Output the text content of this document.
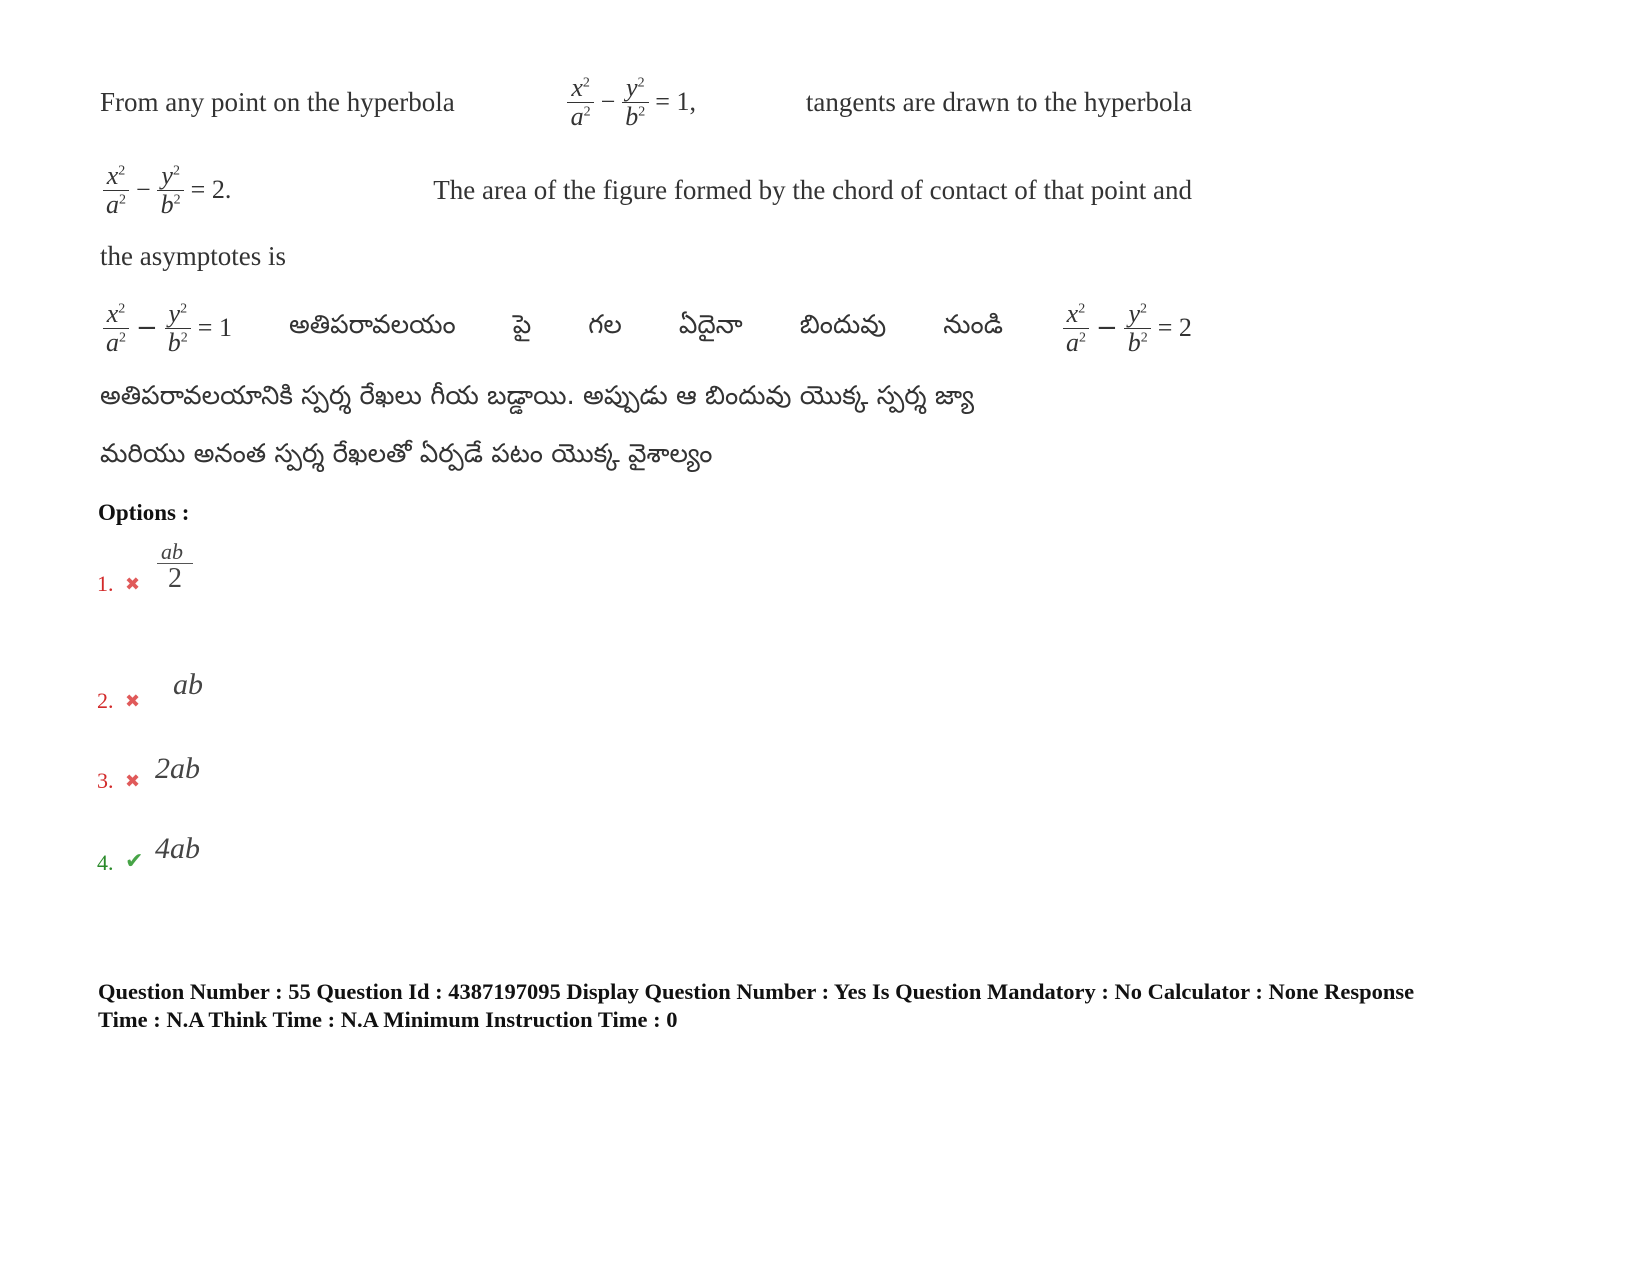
From any point on the hyperbola	$\frac{x^2}{a^2} - \frac{y^2}{b^2} = 1$,	tangents are drawn to the hyperbola
$\frac{x^2}{a^2} - \frac{y^2}{b^2} = 2$.	The area of the figure formed by the chord of contact of that point and
the asymptotes is
$\frac{x^2}{a^2} - \frac{y^2}{b^2} = 1$ అతిపరావలయం పై గల ఏదైనా బిందువు నుండి $\frac{x^2}{a^2} - \frac{y^2}{b^2} = 2$
అతిపరావలయానికి స్పర్శ రేఖలు గీయ బడ్డాయి. అప్పుడు ఆ బిందువు యొక్క స్పర్శ జ్యా
మరియు అనంత స్పర్శ రేఖలతో ఏర్పడే పటం యొక్క వైశాల్యం
Options :
1. ✖ $\frac{ab}{2}$
2. ✖	ab
3. ✖ 2ab
4. ✔ 4ab
Question Number : 55 Question Id : 4387197095 Display Question Number : Yes Is Question Mandatory : No Calculator : None Response
Time : N.A Think Time : N.A Minimum Instruction Time : 0
